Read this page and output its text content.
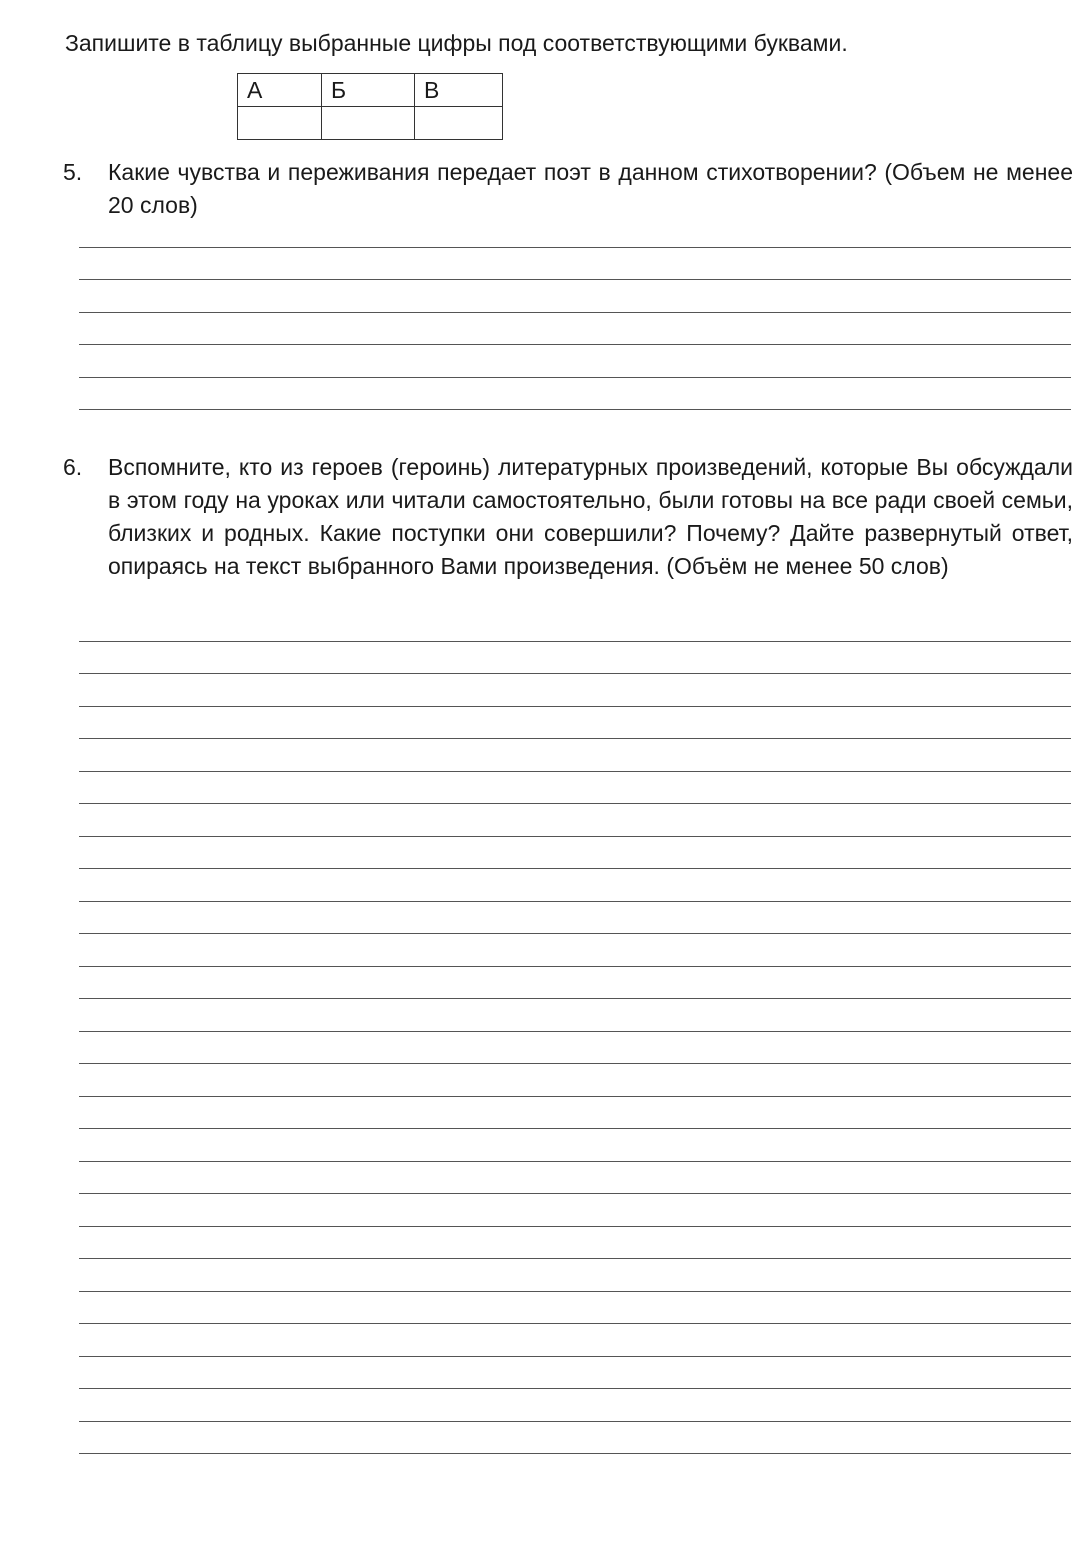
Запишите в таблицу выбранные цифры под соответствующими буквами.
А	Б	В

5. Какие чувства и переживания передает поэт в данном стихотворении? (Объем не менее 20 слов)
6. Вспомните, кто из героев (героинь) литературных произведений, которые Вы обсуждали в этом году на уроках или читали самостоятельно, были готовы на все ради своей семьи, близких и родных. Какие поступки они совершили? Почему? Дайте развернутый ответ, опираясь на текст выбранного Вами произведения. (Объём не менее 50 слов)
